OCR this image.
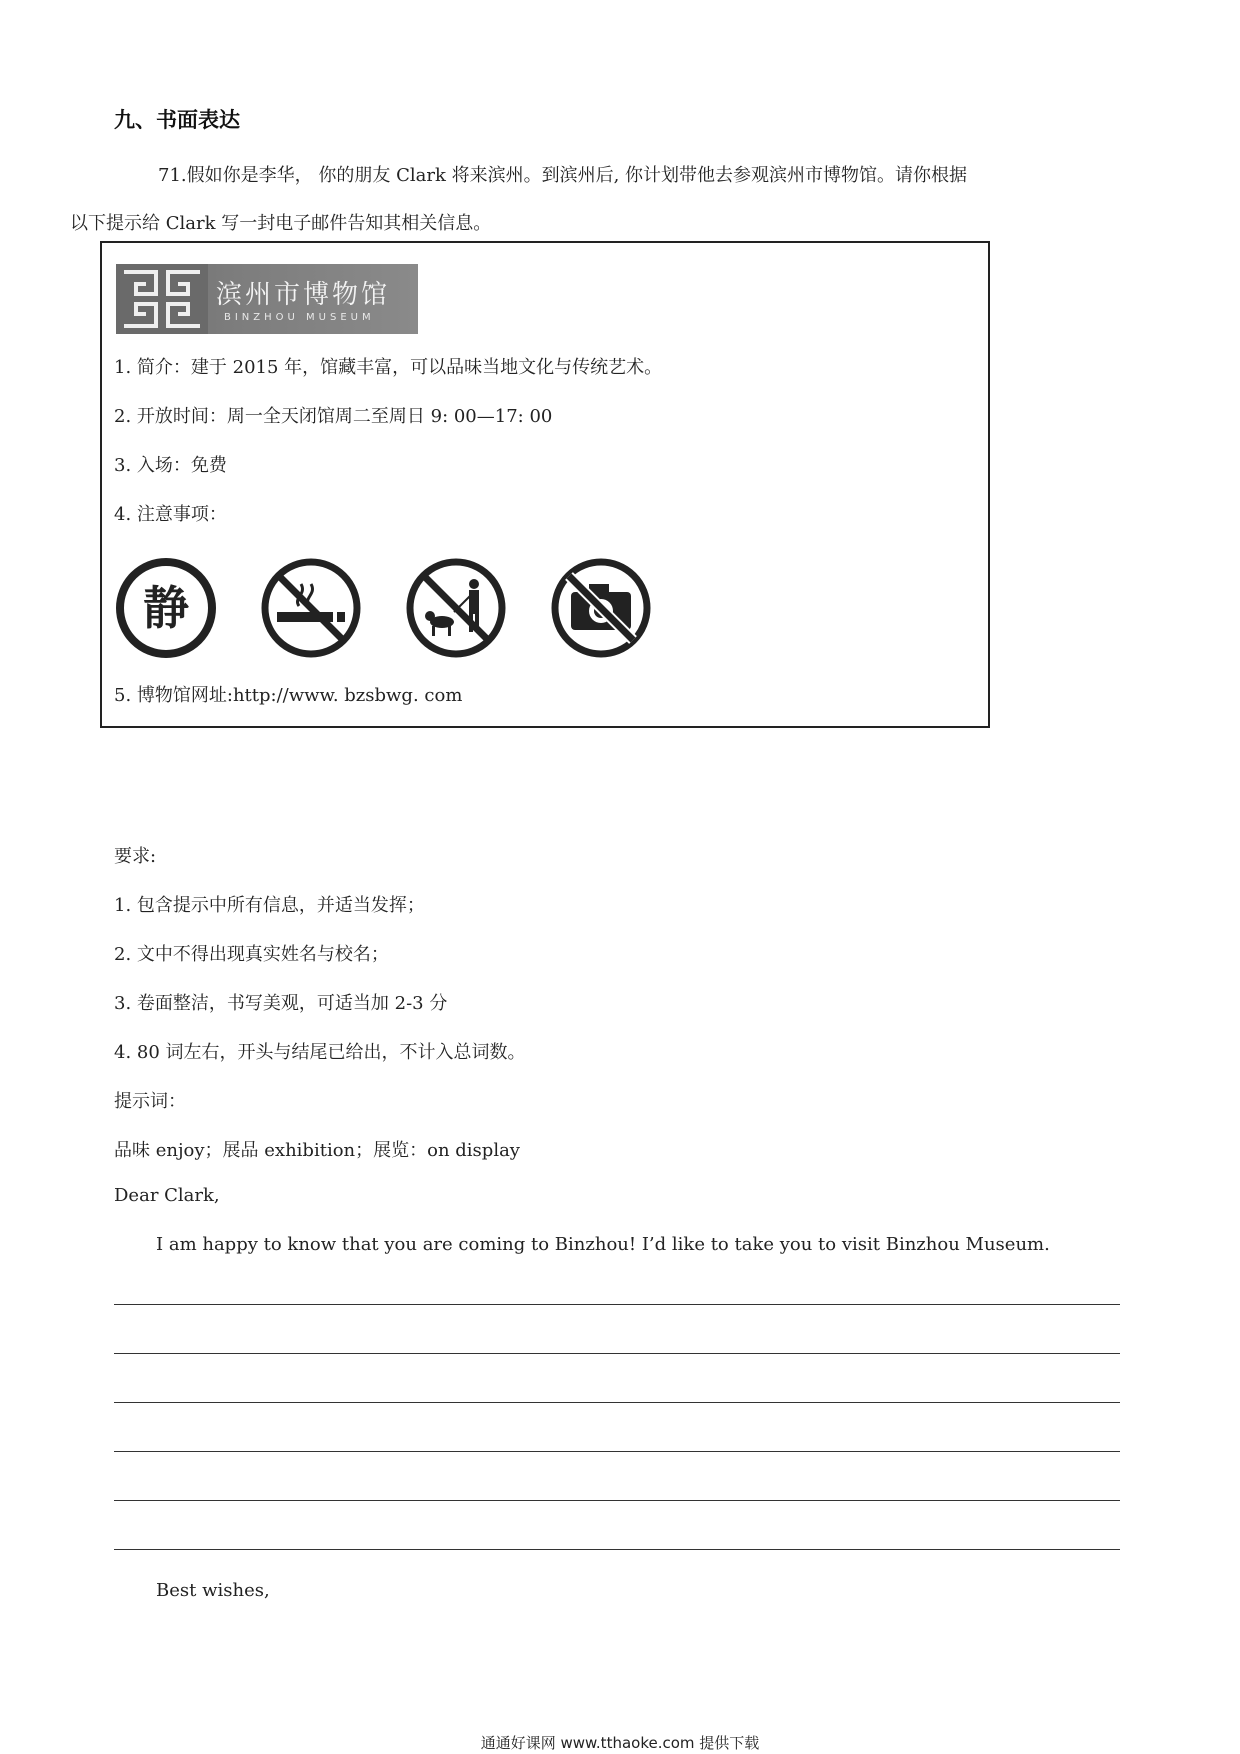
九、书面表达
71.假如你是李华， 你的朋友 Clark 将来滨州。到滨州后, 你计划带他去参观滨州市博物馆。请你根据
以下提示给 Clark 写一封电子邮件告知其相关信息。
滨州市博物馆
BINZHOU MUSEUM
1. 简介：建于 2015 年，馆藏丰富，可以品味当地文化与传统艺术。
2. 开放时间：周一全天闭馆周二至周日 9: 00—17: 00
3. 入场：免费
4. 注意事项：
静
5. 博物馆网址:http://www. bzsbwg. com
要求:
1. 包含提示中所有信息，并适当发挥；
2. 文中不得出现真实姓名与校名；
3. 卷面整洁，书写美观，可适当加 2-3 分
4. 80 词左右，开头与结尾已给出，不计入总词数。
提示词：
品味 enjoy；展品 exhibition；展览：on display
Dear Clark,
I am happy to know that you are coming to Binzhou! I’d like to take you to visit Binzhou Museum.
Best wishes,
通通好课网 www.tthaoke.com 提供下载
